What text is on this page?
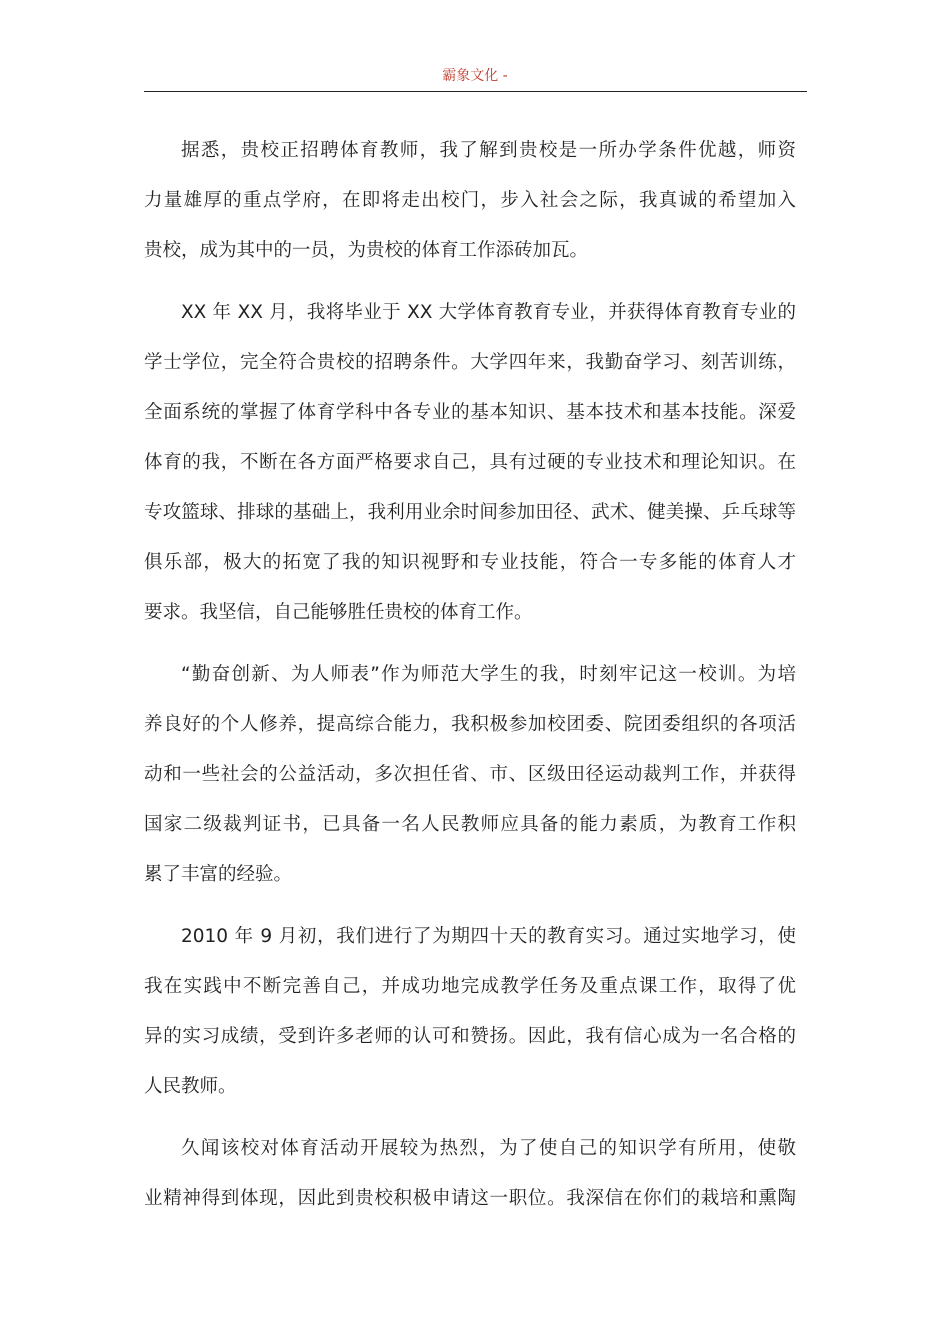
霸象文化 -
据悉，贵校正招聘体育教师，我了解到贵校是一所办学条件优越，师资
力量雄厚的重点学府，在即将走出校门，步入社会之际，我真诚的希望加入
贵校，成为其中的一员，为贵校的体育工作添砖加瓦。
XX 年 XX 月，我将毕业于 XX 大学体育教育专业，并获得体育教育专业的
学士学位，完全符合贵校的招聘条件。大学四年来，我勤奋学习、刻苦训练，
全面系统的掌握了体育学科中各专业的基本知识、基本技术和基本技能。深爱
体育的我，不断在各方面严格要求自己，具有过硬的专业技术和理论知识。在
专攻篮球、排球的基础上，我利用业余时间参加田径、武术、健美操、乒乓球等
俱乐部，极大的拓宽了我的知识视野和专业技能，符合一专多能的体育人才
要求。我坚信，自己能够胜任贵校的体育工作。
“勤奋创新、为人师表”作为师范大学生的我，时刻牢记这一校训。为培
养良好的个人修养，提高综合能力，我积极参加校团委、院团委组织的各项活
动和一些社会的公益活动，多次担任省、市、区级田径运动裁判工作，并获得
国家二级裁判证书，已具备一名人民教师应具备的能力素质，为教育工作积
累了丰富的经验。
2010 年 9 月初，我们进行了为期四十天的教育实习。通过实地学习，使
我在实践中不断完善自己，并成功地完成教学任务及重点课工作，取得了优
异的实习成绩，受到许多老师的认可和赞扬。因此，我有信心成为一名合格的
人民教师。
久闻该校对体育活动开展较为热烈，为了使自己的知识学有所用，使敬
业精神得到体现，因此到贵校积极申请这一职位。我深信在你们的栽培和熏陶
